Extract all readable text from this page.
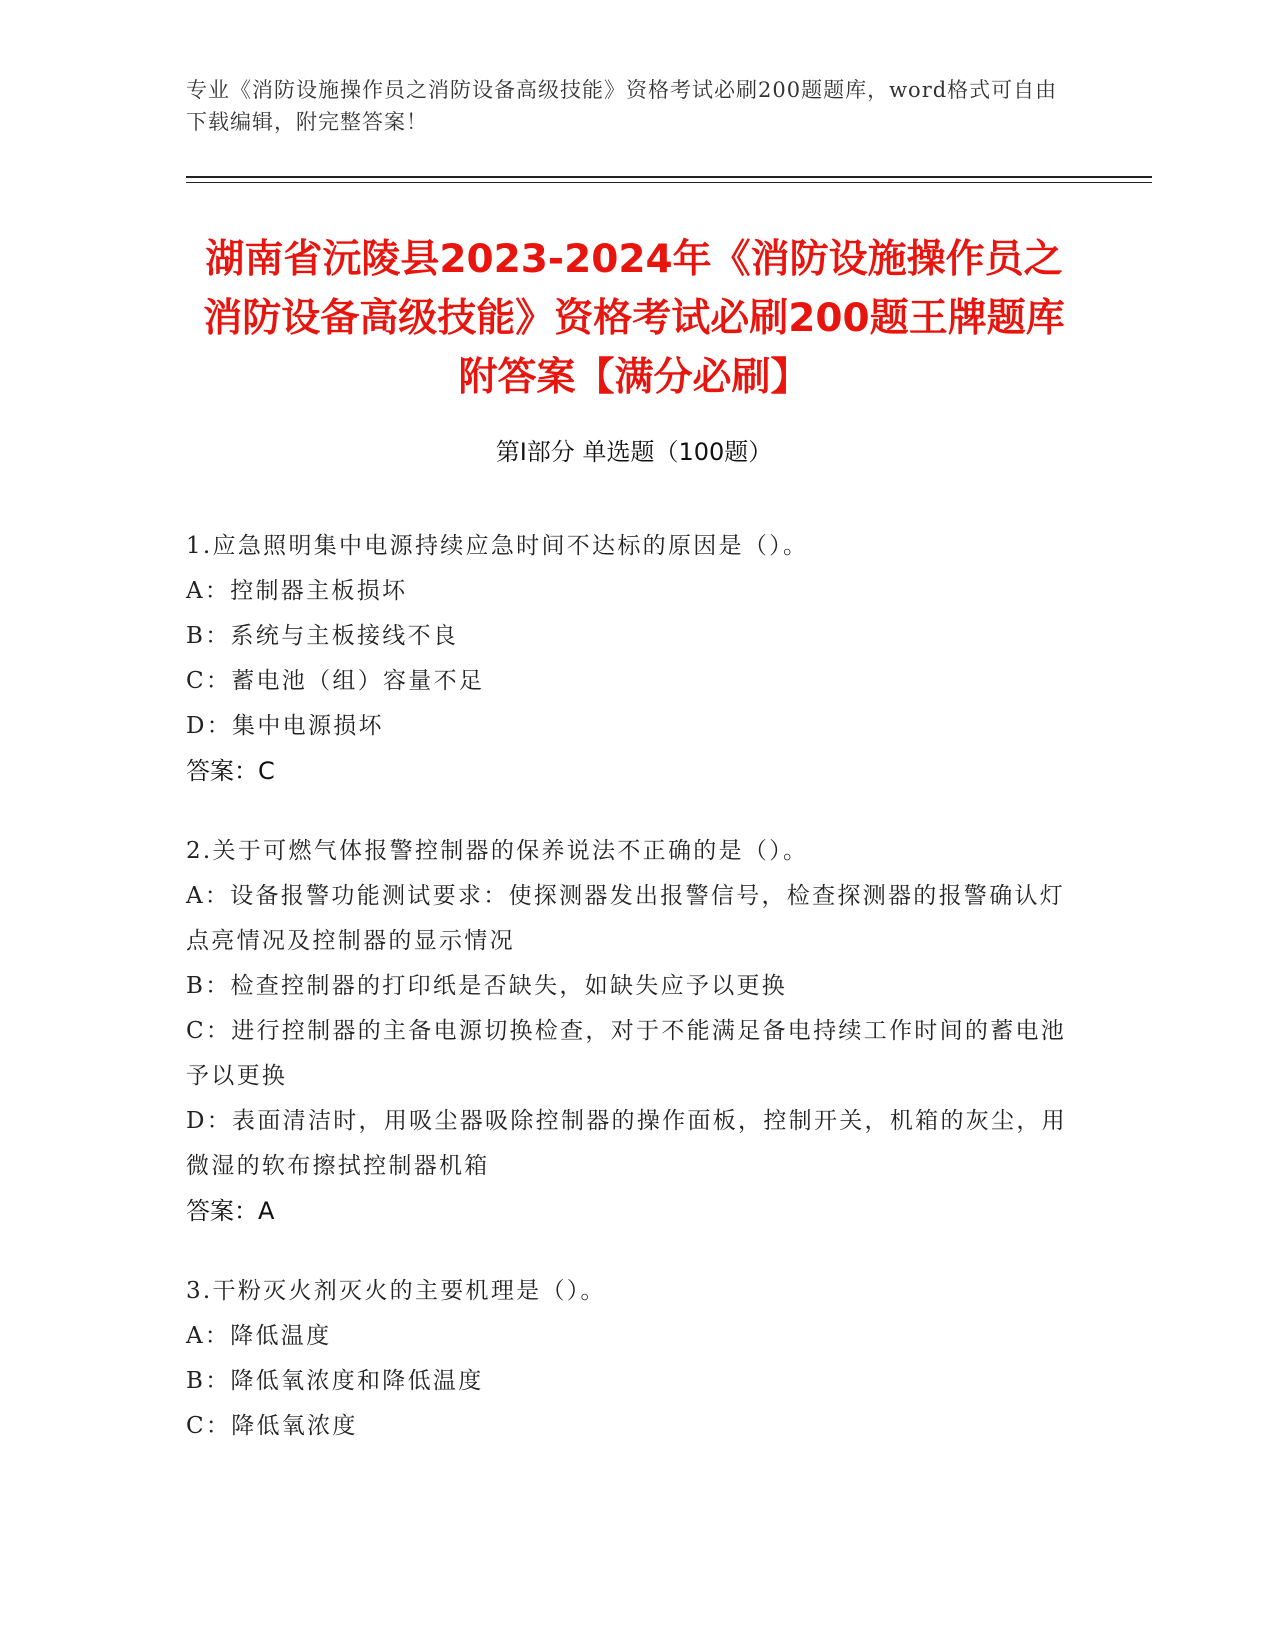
专业《消防设施操作员之消防设备高级技能》资格考试必刷200题题库，word格式可自由下载编辑，附完整答案！
湖南省沅陵县2023-2024年《消防设施操作员之消防设备高级技能》资格考试必刷200题王牌题库附答案【满分必刷】
第Ⅰ部分 单选题（100题）
1.应急照明集中电源持续应急时间不达标的原因是（）。
A：控制器主板损坏
B：系统与主板接线不良
C：蓄电池（组）容量不足
D：集中电源损坏
答案：C
2.关于可燃气体报警控制器的保养说法不正确的是（）。
A：设备报警功能测试要求：使探测器发出报警信号，检查探测器的报警确认灯点亮情况及控制器的显示情况
B：检查控制器的打印纸是否缺失，如缺失应予以更换
C：进行控制器的主备电源切换检查，对于不能满足备电持续工作时间的蓄电池予以更换
D：表面清洁时，用吸尘器吸除控制器的操作面板，控制开关，机箱的灰尘，用微湿的软布擦拭控制器机箱
答案：A
3.干粉灭火剂灭火的主要机理是（）。
A：降低温度
B：降低氧浓度和降低温度
C：降低氧浓度
